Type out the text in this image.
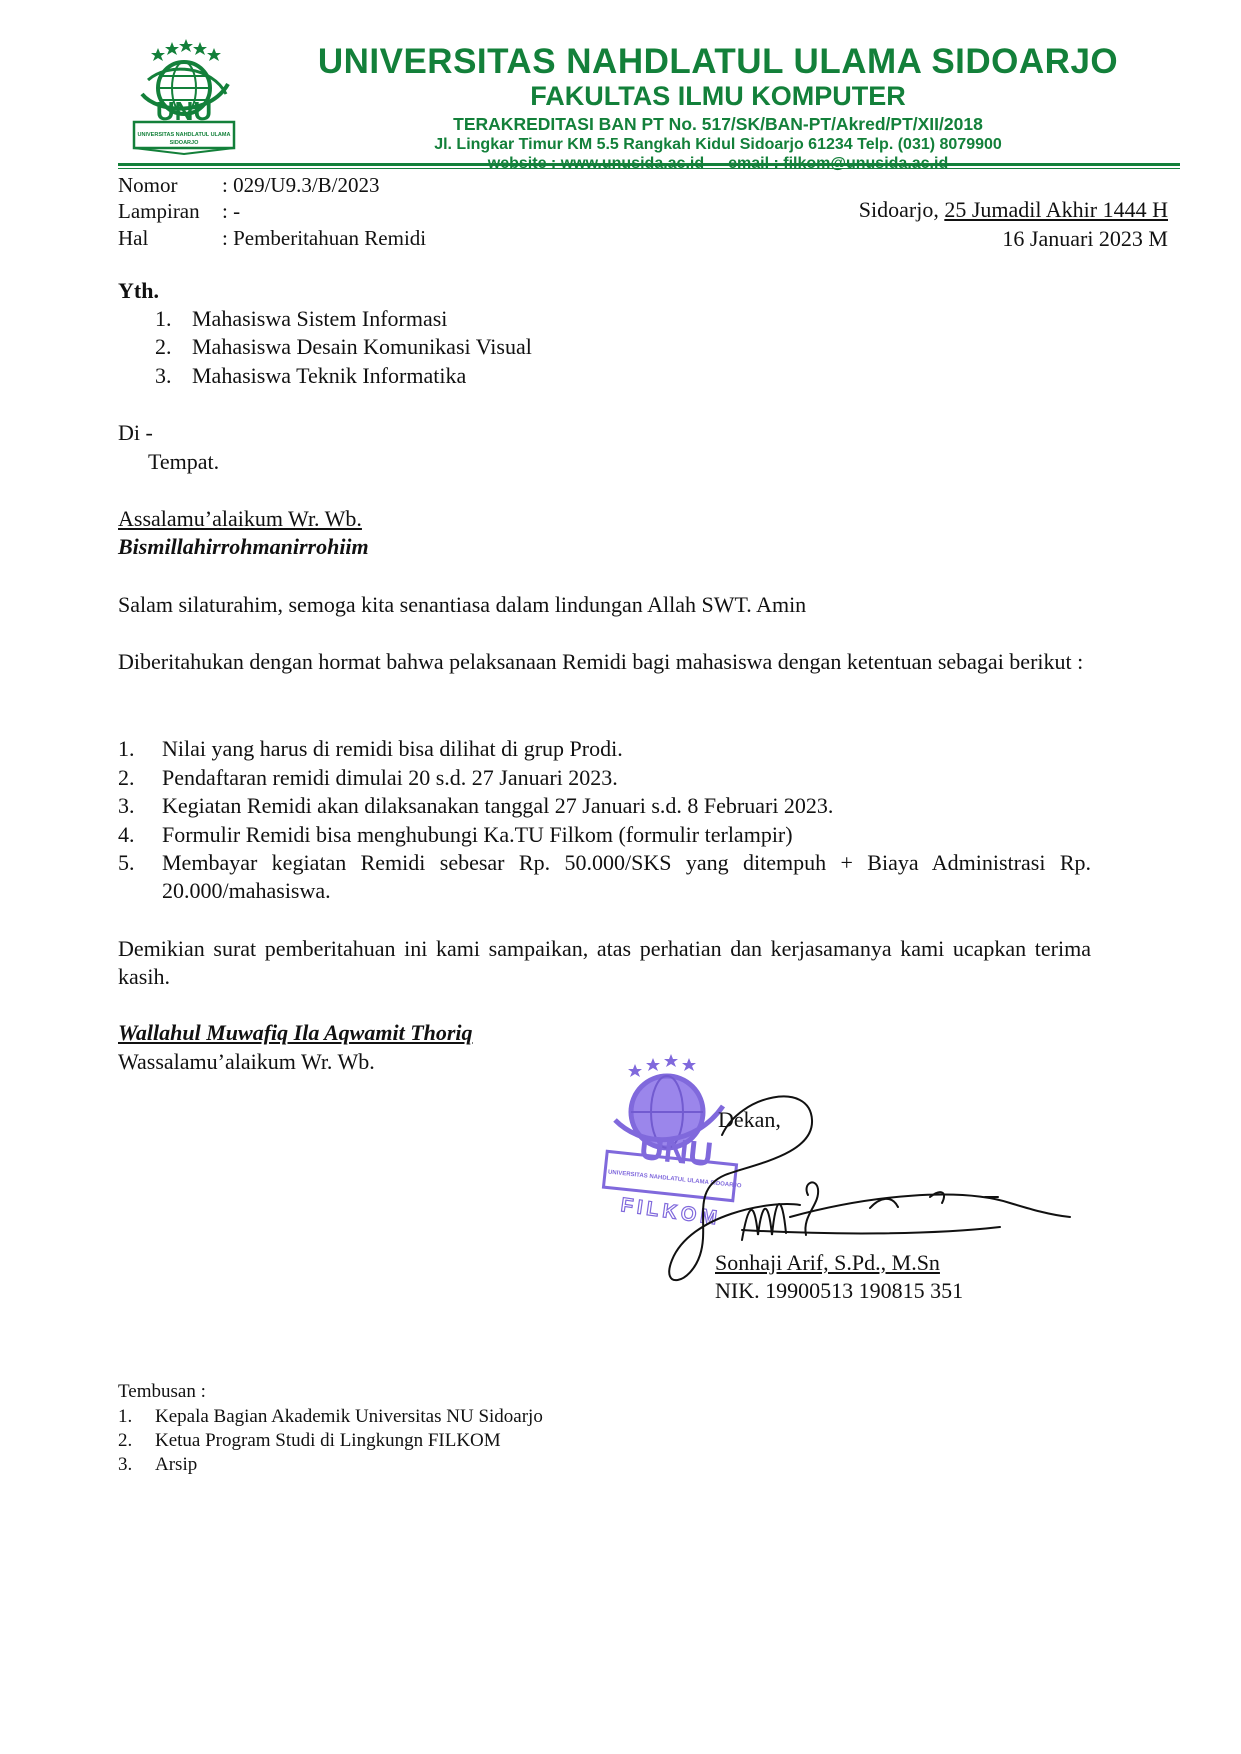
UNU
UNIVERSITAS NAHDLATUL ULAMA
SIDOARJO
UNIVERSITAS NAHDLATUL ULAMA SIDOARJO
FAKULTAS ILMU KOMPUTER
TERAKREDITASI BAN PT No. 517/SK/BAN-PT/Akred/PT/XII/2018
Jl. Lingkar Timur KM 5.5 Rangkah Kidul Sidoarjo 61234 Telp. (031) 8079900
Nomor : 029/U9.3/B/2023
Lampiran : -
Hal	: Pemberitahuan Remidi
Sidoarjo, 25 Jumadil Akhir 1444 H
16 Januari 2023 M
Yth.
1. Mahasiswa Sistem Informasi
2. Mahasiswa Desain Komunikasi Visual
3. Mahasiswa Teknik Informatika
Di -
Tempat.
Assalamu’alaikum Wr. Wb.
Bismillahirrohmanirrohiim
Salam silaturahim, semoga kita senantiasa dalam lindungan Allah SWT. Amin
Diberitahukan dengan hormat bahwa pelaksanaan Remidi bagi mahasiswa dengan ketentuan sebagai berikut :
1. Nilai yang harus di remidi bisa dilihat di grup Prodi.
2. Pendaftaran remidi dimulai 20 s.d. 27 Januari 2023.
3. Kegiatan Remidi akan dilaksanakan tanggal 27 Januari s.d. 8 Februari 2023.
4. Formulir Remidi bisa menghubungi Ka.TU Filkom (formulir terlampir)
5. Membayar kegiatan Remidi sebesar Rp. 50.000/SKS yang ditempuh + Biaya Administrasi Rp. 20.000/mahasiswa.
Demikian surat pemberitahuan ini kami sampaikan, atas perhatian dan kerjasamanya kami ucapkan terima kasih.
Wallahul Muwafiq Ila Aqwamit Thoriq
Wassalamu’alaikum Wr. Wb.
UNU
UNIVERSITAS NAHDLATUL ULAMA SIDOARJO
FILKOM
Dekan,
Sonhaji Arif, S.Pd., M.Sn
NIK. 19900513 190815 351
Tembusan :
1. Kepala Bagian Akademik Universitas NU Sidoarjo
2. Ketua Program Studi di Lingkungn FILKOM
3. Arsip
